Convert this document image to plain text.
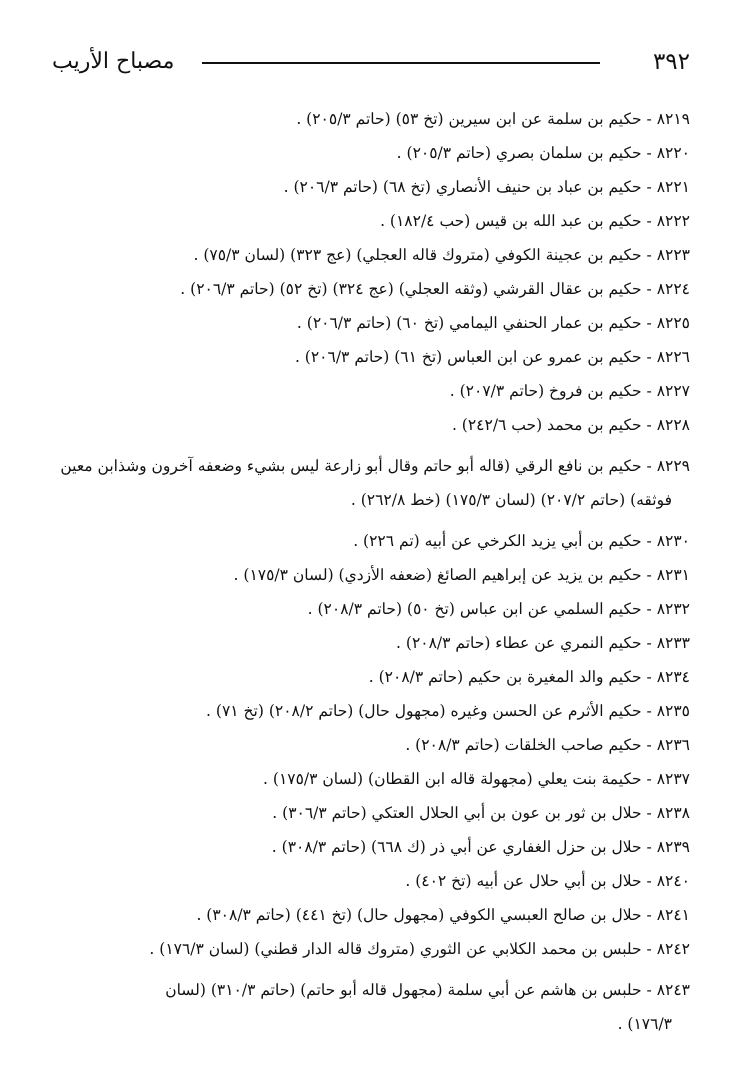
٣٩٢
مصباح الأريب
٨٢١٩ - حكيم بن سلمة عن ابن سيرين (تخ ٥٣) (حاتم ٢٠٥/٣) .
٨٢٢٠ - حكيم بن سلمان بصري (حاتم ٢٠٥/٣) .
٨٢٢١ - حكيم بن عباد بن حنيف الأنصاري (تخ ٦٨) (حاتم ٢٠٦/٣) .
٨٢٢٢ - حكيم بن عبد الله بن قيس (حب ١٨٢/٤) .
٨٢٢٣ - حكيم بن عجينة الكوفي (متروك قاله العجلي) (عج ٣٢٣) (لسان ٧٥/٣) .
٨٢٢٤ - حكيم بن عقال القرشي (وثقه العجلي) (عج ٣٢٤) (تخ ٥٢) (حاتم ٢٠٦/٣) .
٨٢٢٥ - حكيم بن عمار الحنفي اليمامي (تخ ٦٠) (حاتم ٢٠٦/٣) .
٨٢٢٦ - حكيم بن عمرو عن ابن العباس (تخ ٦١) (حاتم ٢٠٦/٣) .
٨٢٢٧ - حكيم بن فروخ (حاتم ٢٠٧/٣) .
٨٢٢٨ - حكيم بن محمد (حب ٢٤٢/٦) .
٨٢٢٩ - حكيم بن نافع الرقي (قاله أبو حاتم وقال أبو زارعة ليس بشيء وضعفه آخرون وشذابن معين
فوثقه) (حاتم ٢٠٧/٢) (لسان ١٧٥/٣) (خط ٢٦٢/٨) .
٨٢٣٠ - حكيم بن أبي يزيد الكرخي عن أبيه (تم ٢٢٦) .
٨٢٣١ - حكيم بن يزيد عن إبراهيم الصائغ (ضعفه الأزدي) (لسان ١٧٥/٣) .
٨٢٣٢ - حكيم السلمي عن ابن عباس (تخ ٥٠) (حاتم ٢٠٨/٣) .
٨٢٣٣ - حكيم النمري عن عطاء (حاتم ٢٠٨/٣) .
٨٢٣٤ - حكيم والد المغيرة بن حكيم (حاتم ٢٠٨/٣) .
٨٢٣٥ - حكيم الأثرم عن الحسن وغيره (مجهول حال) (حاتم ٢٠٨/٢) (تخ ٧١) .
٨٢٣٦ - حكيم صاحب الخلقات (حاتم ٢٠٨/٣) .
٨٢٣٧ - حكيمة بنت يعلي (مجهولة قاله ابن القطان) (لسان ١٧٥/٣) .
٨٢٣٨ - حلال بن ثور بن عون بن أبي الحلال العتكي (حاتم ٣٠٦/٣) .
٨٢٣٩ - حلال بن حزل الغفاري عن أبي ذر (ك ٦٦٨) (حاتم ٣٠٨/٣) .
٨٢٤٠ - حلال بن أبي حلال عن أبيه (تخ ٤٠٢) .
٨٢٤١ - حلال بن صالح العبسي الكوفي (مجهول حال) (تخ ٤٤١) (حاتم ٣٠٨/٣) .
٨٢٤٢ - حلبس بن محمد الكلابي عن الثوري (متروك قاله الدار قطني) (لسان ١٧٦/٣) .
٨٢٤٣ - حلبس بن هاشم عن أبي سلمة (مجهول قاله أبو حاتم) (حاتم ٣١٠/٣) (لسان
١٧٦/٣) .
